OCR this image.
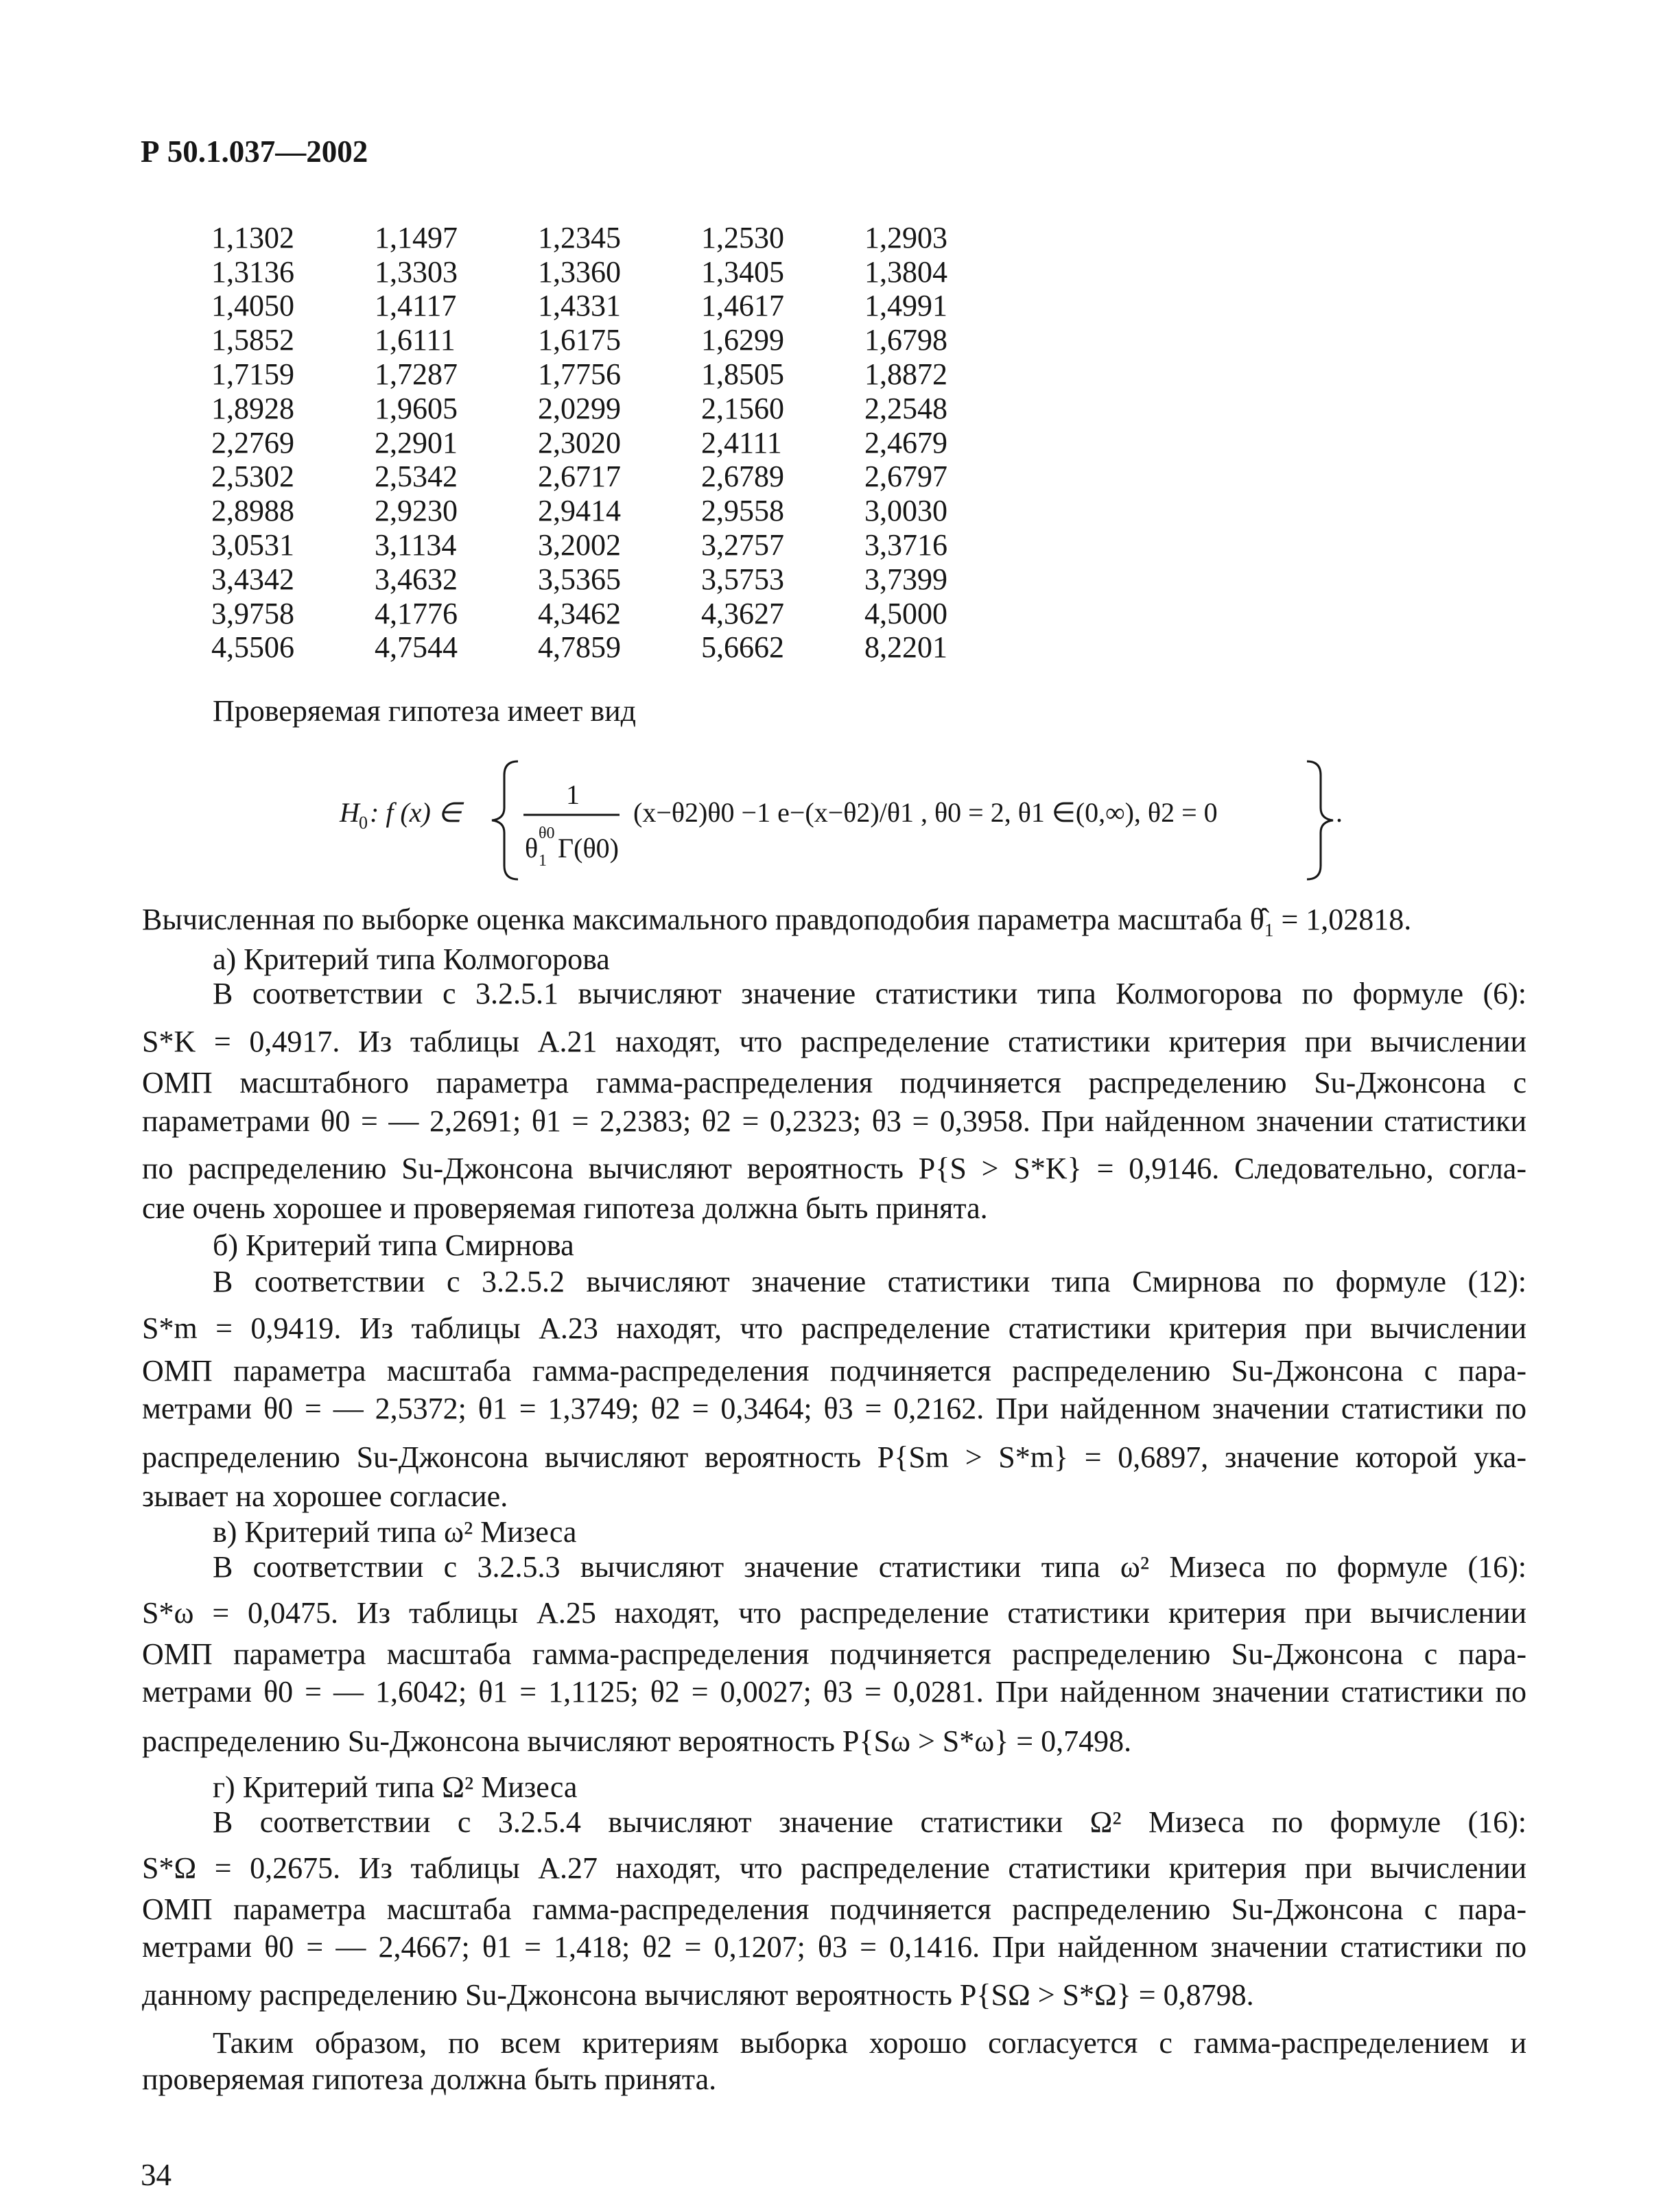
Р 50.1.037—2002
1,1302	1,1497	1,2345	1,2530	1,2903
1,3136	1,3303	1,3360	1,3405	1,3804
1,4050	1,4117	1,4331	1,4617	1,4991
1,5852	1,6111	1,6175	1,6299	1,6798
1,7159	1,7287	1,7756	1,8505	1,8872
1,8928	1,9605	2,0299	2,1560	2,2548
2,2769	2,2901	2,3020	2,4111	2,4679
2,5302	2,5342	2,6717	2,6789	2,6797
2,8988	2,9230	2,9414	2,9558	3,0030
3,0531	3,1134	3,2002	3,2757	3,3716
3,4342	3,4632	3,5365	3,5753	3,7399
3,9758	4,1776	4,3462	4,3627	4,5000
4,5506	4,7544	4,7859	5,6662	8,2201
Проверяемая гипотеза имеет вид
H 0 : f (x) ∈
1
θ θ0
1 Γ(θ0)
(x−θ2)θ0 −1 e−(x−θ2)/θ1 , θ0 = 2, θ1 ∈(0,∞), θ2 = 0	.
Вычисленная по выборке оценка максимального правдоподобия параметра масштаба $\thetâ_1 = 1,02818$.
а) Критерий типа Колмогорова
В соответствии с 3.2.5.1 вычисляют значение статистики типа Колмогорова по формуле (6):
S*K = 0,4917. Из таблицы А.21 находят, что распределение статистики критерия при вычислении
ОМП масштабного параметра гамма-распределения подчиняется распределению Su-Джонсона с
параметрами θ0 = — 2,2691; θ1 = 2,2383; θ2 = 0,2323; θ3 = 0,3958. При найденном значении статистики
по распределению Su-Джонсона вычисляют вероятность P{S > S*K} = 0,9146. Следовательно, согла-
сие очень хорошее и проверяемая гипотеза должна быть принята.
б) Критерий типа Смирнова
В соответствии с 3.2.5.2 вычисляют значение статистики типа Смирнова по формуле (12):
S*m = 0,9419. Из таблицы А.23 находят, что распределение статистики критерия при вычислении
ОМП параметра масштаба гамма-распределения подчиняется распределению Su-Джонсона с пара-
метрами θ0 = — 2,5372; θ1 = 1,3749; θ2 = 0,3464; θ3 = 0,2162. При найденном значении статистики по
распределению Su-Джонсона вычисляют вероятность P{Sm > S*m} = 0,6897, значение которой ука-
зывает на хорошее согласие.
в) Критерий типа ω² Мизеса
В соответствии с 3.2.5.3 вычисляют значение статистики типа ω² Мизеса по формуле (16):
S*ω = 0,0475. Из таблицы А.25 находят, что распределение статистики критерия при вычислении
ОМП параметра масштаба гамма-распределения подчиняется распределению Su-Джонсона с пара-
метрами θ0 = — 1,6042; θ1 = 1,1125; θ2 = 0,0027; θ3 = 0,0281. При найденном значении статистики по
распределению Su-Джонсона вычисляют вероятность P{Sω > S*ω} = 0,7498.
г) Критерий типа Ω² Мизеса
В соответствии с 3.2.5.4 вычисляют значение статистики Ω² Мизеса по формуле (16):
S*Ω = 0,2675. Из таблицы А.27 находят, что распределение статистики критерия при вычислении
ОМП параметра масштаба гамма-распределения подчиняется распределению Su-Джонсона с пара-
метрами θ0 = — 2,4667; θ1 = 1,418; θ2 = 0,1207; θ3 = 0,1416. При найденном значении статистики по
данному распределению Su-Джонсона вычисляют вероятность P{SΩ > S*Ω} = 0,8798.
Таким образом, по всем критериям выборка хорошо согласуется с гамма-распределением и
проверяемая гипотеза должна быть принята.
34
